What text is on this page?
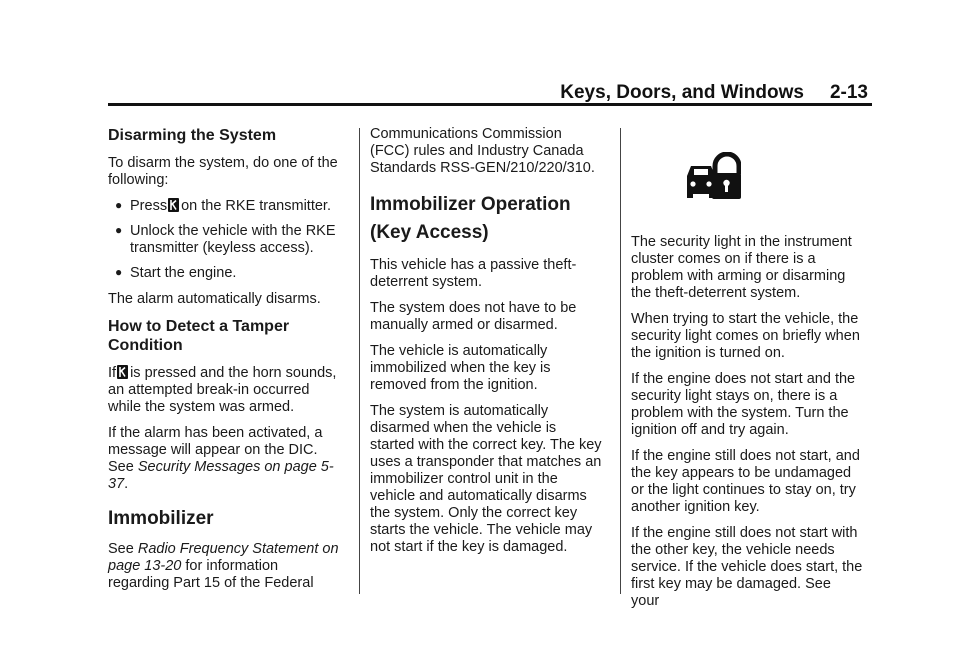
Keys, Doors, and Windows 2-13
Disarming the System

To disarm the system, do one of the following:

● Press on the RKE transmitter.
● Unlock the vehicle with the RKE transmitter (keyless access).
● Start the engine.

The alarm automatically disarms.

How to Detect a Tamper Condition

If is pressed and the horn sounds, an attempted break-in occurred while the system was armed.

If the alarm has been activated, a message will appear on the DIC. See Security Messages on page 5-37.

Immobilizer

See Radio Frequency Statement on page 13-20 for information regarding Part 15 of the Federal

Communications Commission (FCC) rules and Industry Canada Standards RSS-GEN/210/220/310.

Immobilizer Operation (Key Access)

This vehicle has a passive theft-deterrent system.

The system does not have to be manually armed or disarmed.

The vehicle is automatically immobilized when the key is removed from the ignition.

The system is automatically disarmed when the vehicle is started with the correct key. The key uses a transponder that matches an immobilizer control unit in the vehicle and automatically disarms the system. Only the correct key starts the vehicle. The vehicle may not start if the key is damaged.

The security light in the instrument cluster comes on if there is a problem with arming or disarming the theft-deterrent system.

When trying to start the vehicle, the security light comes on briefly when the ignition is turned on.

If the engine does not start and the security light stays on, there is a problem with the system. Turn the ignition off and try again.

If the engine still does not start, and the key appears to be undamaged or the light continues to stay on, try another ignition key.

If the engine still does not start with the other key, the vehicle needs service. If the vehicle does start, the first key may be damaged. See your
